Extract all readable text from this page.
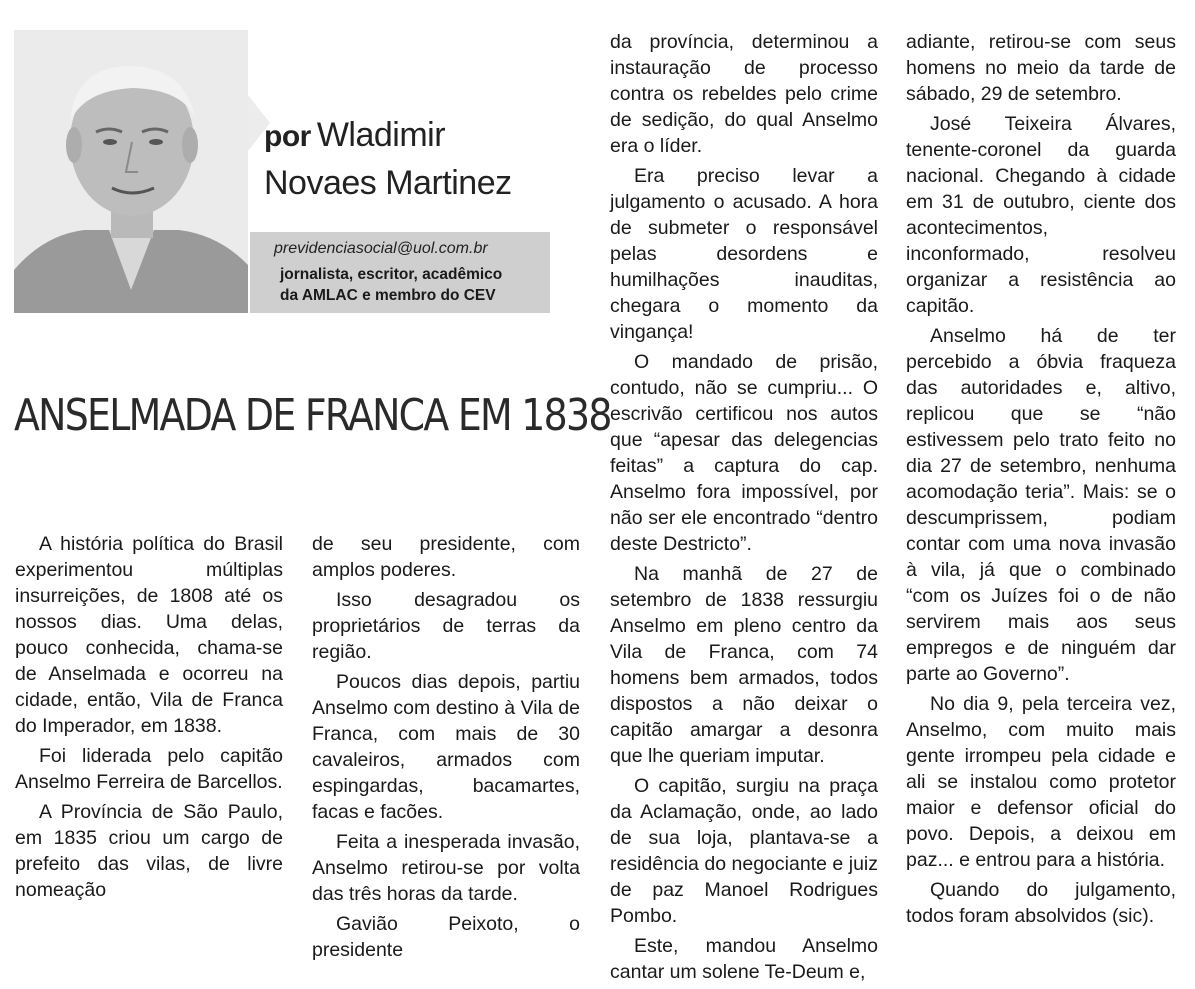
por Wladimir
Novaes Martinez
previdenciasocial@uol.com.br
jornalista, escritor, acadêmico
da AMLAC e membro do CEV
ANSELMADA DE FRANCA EM 1838

A história política do Brasil experimentou múltiplas insurreições, de 1808 até os nossos dias. Uma delas, pouco conhecida, chama-se de Anselmada e ocorreu na cidade, então, Vila de Franca do Imperador, em 1838.

Foi liderada pelo capitão Anselmo Ferreira de Barcellos.

A Província de São Paulo, em 1835 criou um cargo de prefeito das vilas, de livre nomeação

de seu presidente, com amplos poderes.

Isso desagradou os proprietários de terras da região.

Poucos dias depois, partiu Anselmo com destino à Vila de Franca, com mais de 30 cavaleiros, armados com espingardas, bacamartes, facas e facões.

Feita a inesperada invasão, Anselmo retirou-se por volta das três horas da tarde.

Gavião Peixoto, o presidente

da província, determinou a instauração de processo contra os rebeldes pelo crime de sedição, do qual Anselmo era o líder.

Era preciso levar a julgamento o acusado. A hora de submeter o responsável pelas desordens e humilhações inauditas, chegara o momento da vingança!

O mandado de prisão, contudo, não se cumpriu... O escrivão certificou nos autos que “apesar das delegencias feitas” a captura do cap. Anselmo fora impossível, por não ser ele encontrado “dentro deste Destricto”.

Na manhã de 27 de setembro de 1838 ressurgiu Anselmo em pleno centro da Vila de Franca, com 74 homens bem armados, todos dispostos a não deixar o capitão amargar a desonra que lhe queriam imputar.

O capitão, surgiu na praça da Aclamação, onde, ao lado de sua loja, plantava-se a residência do negociante e juiz de paz Manoel Rodrigues Pombo.

Este, mandou Anselmo cantar um solene Te-Deum e,

adiante, retirou-se com seus homens no meio da tarde de sábado, 29 de setembro.

José Teixeira Álvares, tenente-coronel da guarda nacional. Chegando à cidade em 31 de outubro, ciente dos acontecimentos, inconformado, resolveu organizar a resistência ao capitão.

Anselmo há de ter percebido a óbvia fraqueza das autoridades e, altivo, replicou que se “não estivessem pelo trato feito no dia 27 de setembro, nenhuma acomodação teria”. Mais: se o descumprissem, podiam contar com uma nova invasão à vila, já que o combinado “com os Juízes foi o de não servirem mais aos seus empregos e de ninguém dar parte ao Governo”.

No dia 9, pela terceira vez, Anselmo, com muito mais gente irrompeu pela cidade e ali se instalou como protetor maior e defensor oficial do povo. Depois, a deixou em paz... e entrou para a história.

Quando do julgamento, todos foram absolvidos (sic).
